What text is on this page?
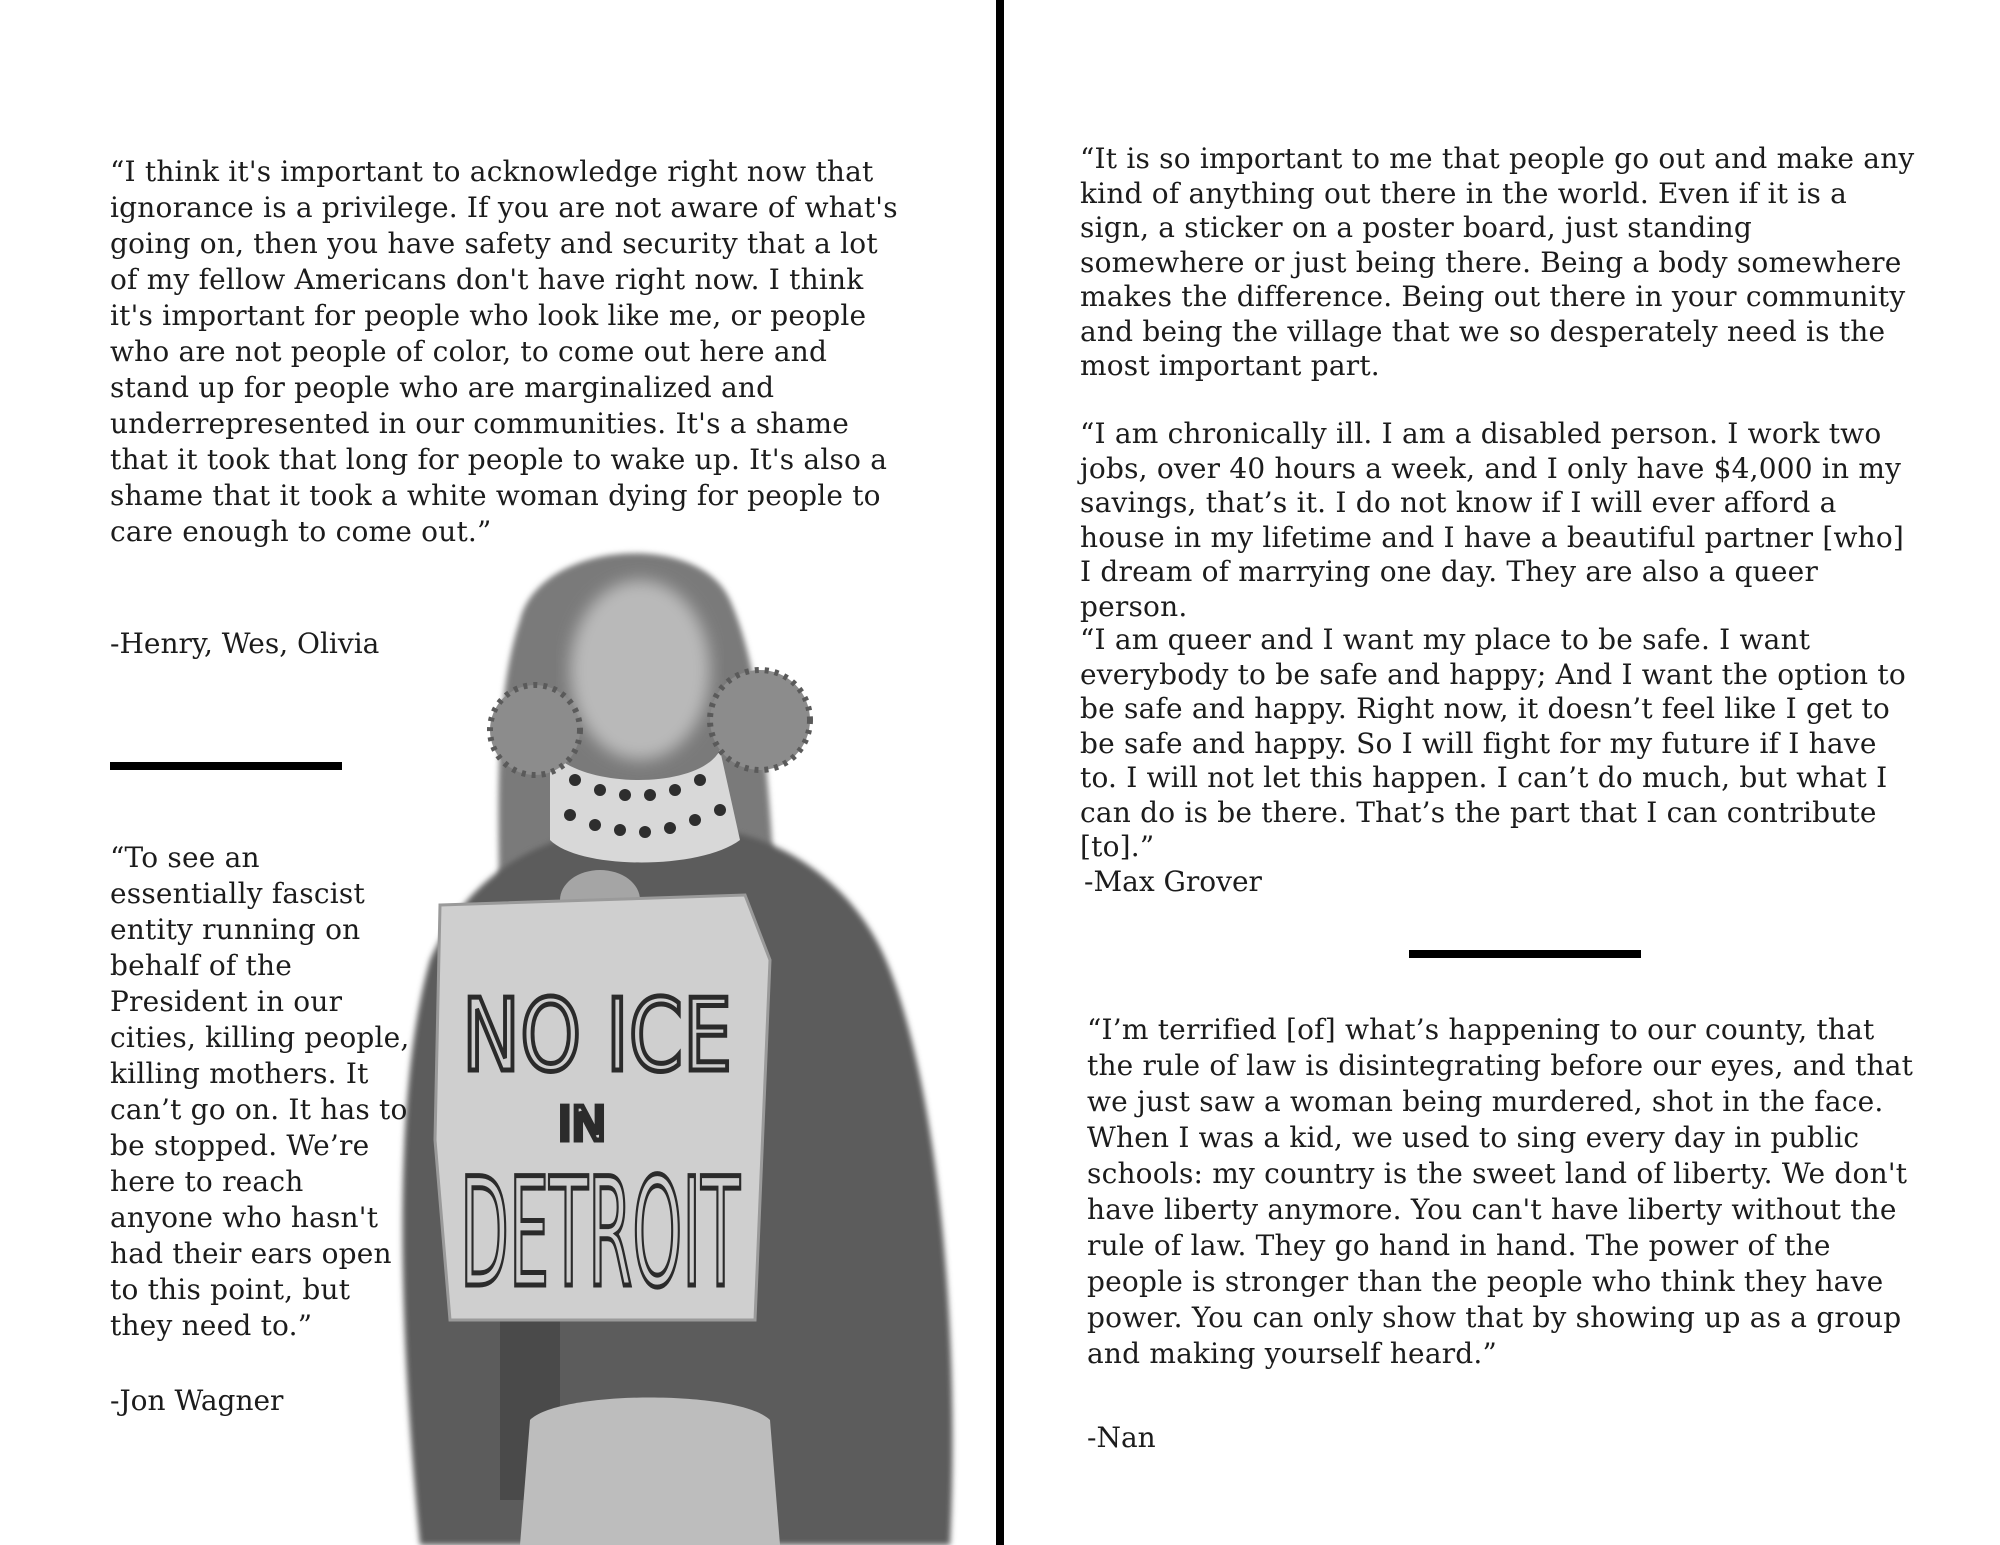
NO ICE
IN
DETROIT

“I think it's important to acknowledge right now that ignorance is a privilege. If you are not aware of what's going on, then you have safety and security that a lot of my fellow Americans don't have right now. I think it's important for people who look like me, or people who are not people of color, to come out here and stand up for people who are marginalized and underrepresented in our communities. It's a shame that it took that long for people to wake up. It's also a shame that it took a white woman dying for people to care enough to come out.”

-Henry, Wes, Olivia

“To see an essentially fascist entity running on behalf of the President in our cities, killing people, killing mothers. It can’t go on. It has to be stopped. We’re here to reach anyone who hasn't had their ears open to this point, but they need to.”

-Jon Wagner

“It is so important to me that people go out and make any kind of anything out there in the world. Even if it is a sign, a sticker on a poster board, just standing somewhere or just being there. Being a body somewhere makes the difference. Being out there in your community and being the village that we so desperately need is the most important part.

“I am chronically ill. I am a disabled person. I work two jobs, over 40 hours a week, and I only have $4,000 in my savings, that’s it. I do not know if I will ever afford a house in my lifetime and I have a beautiful partner [who] I dream of marrying one day. They are also a queer person.

“I am queer and I want my place to be safe. I want everybody to be safe and happy; And I want the option to be safe and happy. Right now, it doesn’t feel like I get to be safe and happy. So I will fight for my future if I have to. I will not let this happen. I can’t do much, but what I can do is be there. That’s the part that I can contribute [to].”

-Max Grover

“I’m terrified [of] what’s happening to our county, that the rule of law is disintegrating before our eyes, and that we just saw a woman being murdered, shot in the face. When I was a kid, we used to sing every day in public schools: my country is the sweet land of liberty. We don't have liberty anymore. You can't have liberty without the rule of law. They go hand in hand. The power of the people is stronger than the people who think they have power. You can only show that by showing up as a group and making yourself heard.”

-Nan
